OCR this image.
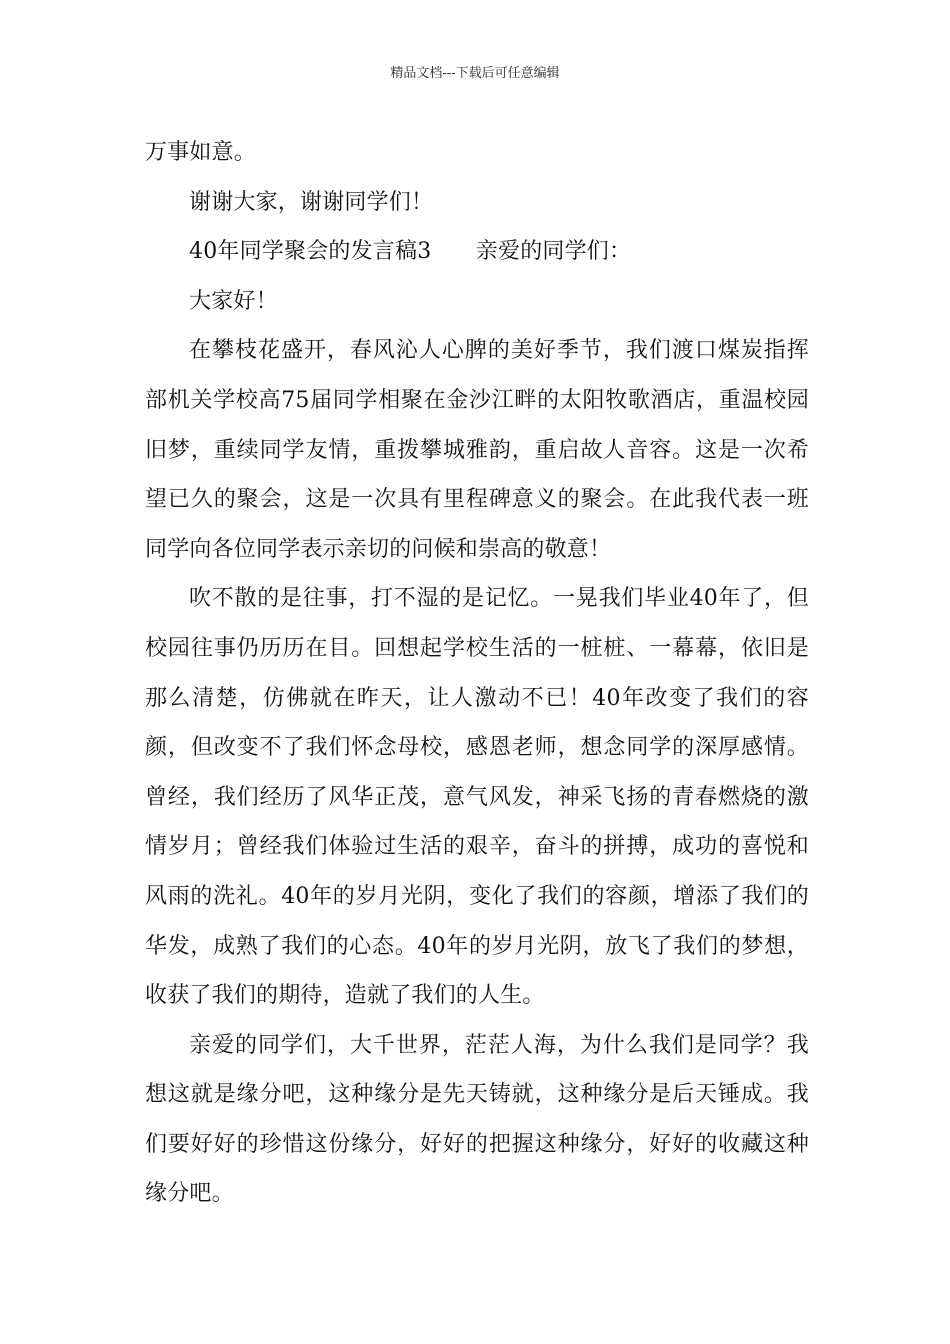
精品文档---下载后可任意编辑

万事如意。

谢谢大家，谢谢同学们！

40年同学聚会的发言稿3　　亲爱的同学们：

大家好！

在攀枝花盛开，春风沁人心脾的美好季节，我们渡口煤炭指挥部机关学校高75届同学相聚在金沙江畔的太阳牧歌酒店，重温校园旧梦，重续同学友情，重拨攀城雅韵，重启故人音容。这是一次希望已久的聚会，这是一次具有里程碑意义的聚会。在此我代表一班同学向各位同学表示亲切的问候和崇高的敬意！

吹不散的是往事，打不湿的是记忆。一晃我们毕业40年了，但校园往事仍历历在目。回想起学校生活的一桩桩、一幕幕，依旧是那么清楚，仿佛就在昨天，让人激动不已！40年改变了我们的容颜，但改变不了我们怀念母校，感恩老师，想念同学的深厚感情。曾经，我们经历了风华正茂，意气风发，神采飞扬的青春燃烧的激情岁月；曾经我们体验过生活的艰辛，奋斗的拼搏，成功的喜悦和风雨的洗礼。40年的岁月光阴，变化了我们的容颜，增添了我们的华发，成熟了我们的心态。40年的岁月光阴，放飞了我们的梦想，收获了我们的期待，造就了我们的人生。

亲爱的同学们，大千世界，茫茫人海，为什么我们是同学？我想这就是缘分吧，这种缘分是先天铸就，这种缘分是后天锤成。我们要好好的珍惜这份缘分，好好的把握这种缘分，好好的收藏这种缘分吧。
